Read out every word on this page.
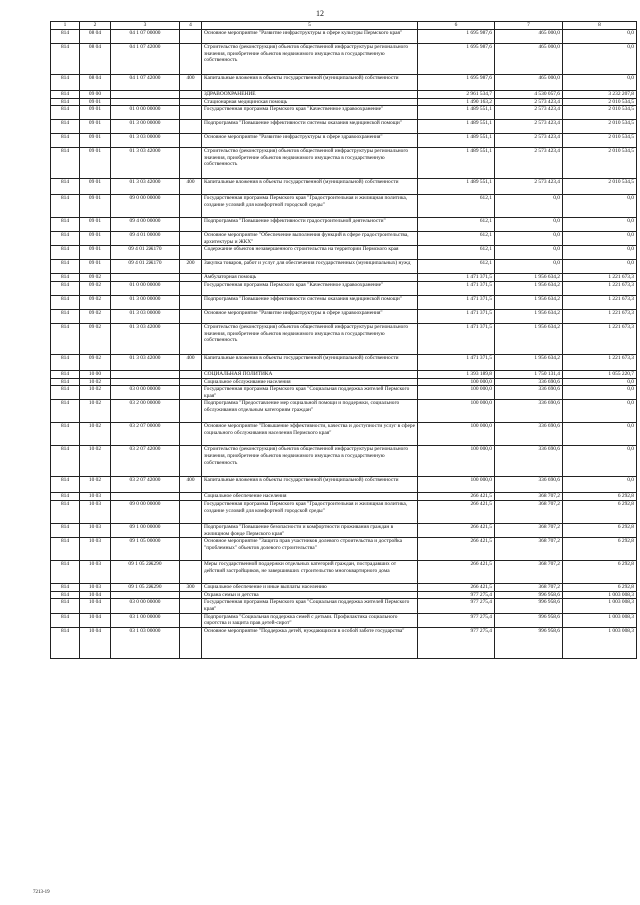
12
1	2	3	4	5	6	7	8
814	08 04	04 1 07 00000		Основное мероприятие "Развитие инфраструктуры в сфере культуры Пермского края"	1 695 987,6	465 000,0	0,0
814	08 04	04 1 07 42000		Строительство (реконструкция) объектов общественной инфраструктуры регионального значения, приобретение объектов недвижимого имущества в государственную собственность	1 695 987,6	465 000,0	0,0
814	08 04	04 1 07 42000	400	Капитальные вложения в объекты государственной (муниципальной) собственности	1 695 987,6	465 000,0	0,0
814	09 00			ЗДРАВООХРАНЕНИЕ	2 961 534,7	4 530 057,6	3 232 207,8
814	09 01			Стационарная медицинская помощь	1 490 163,2	2 573 423,4	2 010 534,5
814	09 01	01 0 00 00000		Государственная программа Пермского края "Качественное здравоохранение"	1 489 551,1	2 573 423,4	2 010 534,5
814	09 01	01 3 00 00000		Подпрограмма "Повышение эффективности системы оказания медицинской помощи"	1 489 551,1	2 573 423,4	2 010 534,5
814	09 01	01 3 03 00000		Основное мероприятие "Развитие инфраструктуры в сфере здравоохранения"	1 489 551,1	2 573 423,4	2 010 534,5
814	09 01	01 3 03 42000		Строительство (реконструкция) объектов общественной инфраструктуры регионального значения, приобретение объектов недвижимого имущества в государственную собственность	1 489 551,1	2 573 423,4	2 010 534,5
814	09 01	01 3 03 42000	400	Капитальные вложения в объекты государственной (муниципальной) собственности	1 489 551,1	2 573 423,4	2 010 534,5
814	09 01	09 0 00 00000		Государственная программа Пермского края "Градостроительная и жилищная политика, создание условий для комфортной городской среды"	612,1	0,0	0,0
814	09 01	09 4 00 00000		Подпрограмма "Повышение эффективности градостроительной деятельности"	612,1	0,0	0,0
814	09 01	09 4 01 00000		Основное мероприятие "Обеспечение выполнения функций в сфере градостроительства, архитектуры и ЖКХ"	612,1	0,0	0,0
814	09 01	09 4 01 2Ж170		Содержание объектов незавершенного строительства на территории Пермского края	612,1	0,0	0,0
814	09 01	09 4 01 2Ж170	200	Закупка товаров, работ и услуг для обеспечения государственных (муниципальных) нужд	612,1	0,0	0,0
814	09 02			Амбулаторная помощь	1 471 371,5	1 956 634,2	1 221 673,3
814	09 02	01 0 00 00000		Государственная программа Пермского края "Качественное здравоохранение"	1 471 371,5	1 956 634,2	1 221 673,3
814	09 02	01 3 00 00000		Подпрограмма "Повышение эффективности системы оказания медицинской помощи"	1 471 371,5	1 956 634,2	1 221 673,3
814	09 02	01 3 03 00000		Основное мероприятие "Развитие инфраструктуры в сфере здравоохранения"	1 471 371,5	1 956 634,2	1 221 673,3
814	09 02	01 3 03 42000		Строительство (реконструкция) объектов общественной инфраструктуры регионального значения, приобретение объектов недвижимого имущества в государственную собственность	1 471 371,5	1 956 634,2	1 221 673,3
814	09 02	01 3 03 42000	400	Капитальные вложения в объекты государственной (муниципальной) собственности	1 471 371,5	1 956 634,2	1 221 673,3
814	10 00			СОЦИАЛЬНАЯ ПОЛИТИКА	1 393 189,8	1 750 131,4	1 055 220,7
814	10 02			Социальное обслуживание населения	100 000,0	336 690,6	0,0
814	10 02	03 0 00 00000		Государственная программа Пермского края "Социальная поддержка жителей Пермского края"	100 000,0	336 690,6	0,0
814	10 02	03 2 00 00000		Подпрограмма "Предоставление мер социальной помощи и поддержки, социального обслуживания отдельным категориям граждан"	100 000,0	336 690,6	0,0
814	10 02	03 2 07 00000		Основное мероприятие "Повышение эффективности, качества и доступности услуг в сфере социального обслуживания населения Пермского края"	100 000,0	336 690,6	0,0
814	10 02	03 2 07 42000		Строительство (реконструкция) объектов общественной инфраструктуры регионального значения, приобретение объектов недвижимого имущества в государственную собственность	100 000,0	336 690,6	0,0
814	10 02	03 2 07 42000	400	Капитальные вложения в объекты государственной (муниципальной) собственности	100 000,0	336 690,6	0,0
814	10 03			Социальное обеспечение населения	266 421,5	368 707,2	6 292,8
814	10 03	09 0 00 00000		Государственная программа Пермского края "Градостроительная и жилищная политика, создание условий для комфортной городской среды"	266 421,5	368 707,2	6 292,8
814	10 03	09 1 00 00000		Подпрограмма "Повышение безопасности и комфортности проживания граждан в жилищном фонде Пермского края"	266 421,5	368 707,2	6 292,8
814	10 03	09 1 05 00000		Основное мероприятие "Защита прав участников долевого строительства и достройка "проблемных" объектов долевого строительства"	266 421,5	368 707,2	6 292,8
814	10 03	09 1 05 2Ж290		Меры государственной поддержки отдельных категорий граждан, пострадавших от действий застройщиков, не завершивших строительство многоквартирного дома	266 421,5	368 707,2	6 292,8
814	10 03	09 1 05 2Ж290	300	Социальное обеспечение и иные выплаты населению	266 421,5	368 707,2	6 292,8
814	10 04			Охрана семьи и детства	977 275,4	996 958,6	1 003 008,3
814	10 04	03 0 00 00000		Государственная программа Пермского края "Социальная поддержка жителей Пермского края"	977 275,4	996 958,6	1 003 008,3
814	10 04	03 1 00 00000		Подпрограмма "Социальная поддержка семей с детьми. Профилактика социального сиротства и защита прав детей-сирот"	977 275,4	996 958,6	1 003 008,3
814	10 04	03 1 03 00000		Основное мероприятие "Поддержка детей, нуждающихся в особой заботе государства"	977 275,4	996 958,6	1 003 008,3
7213-19
